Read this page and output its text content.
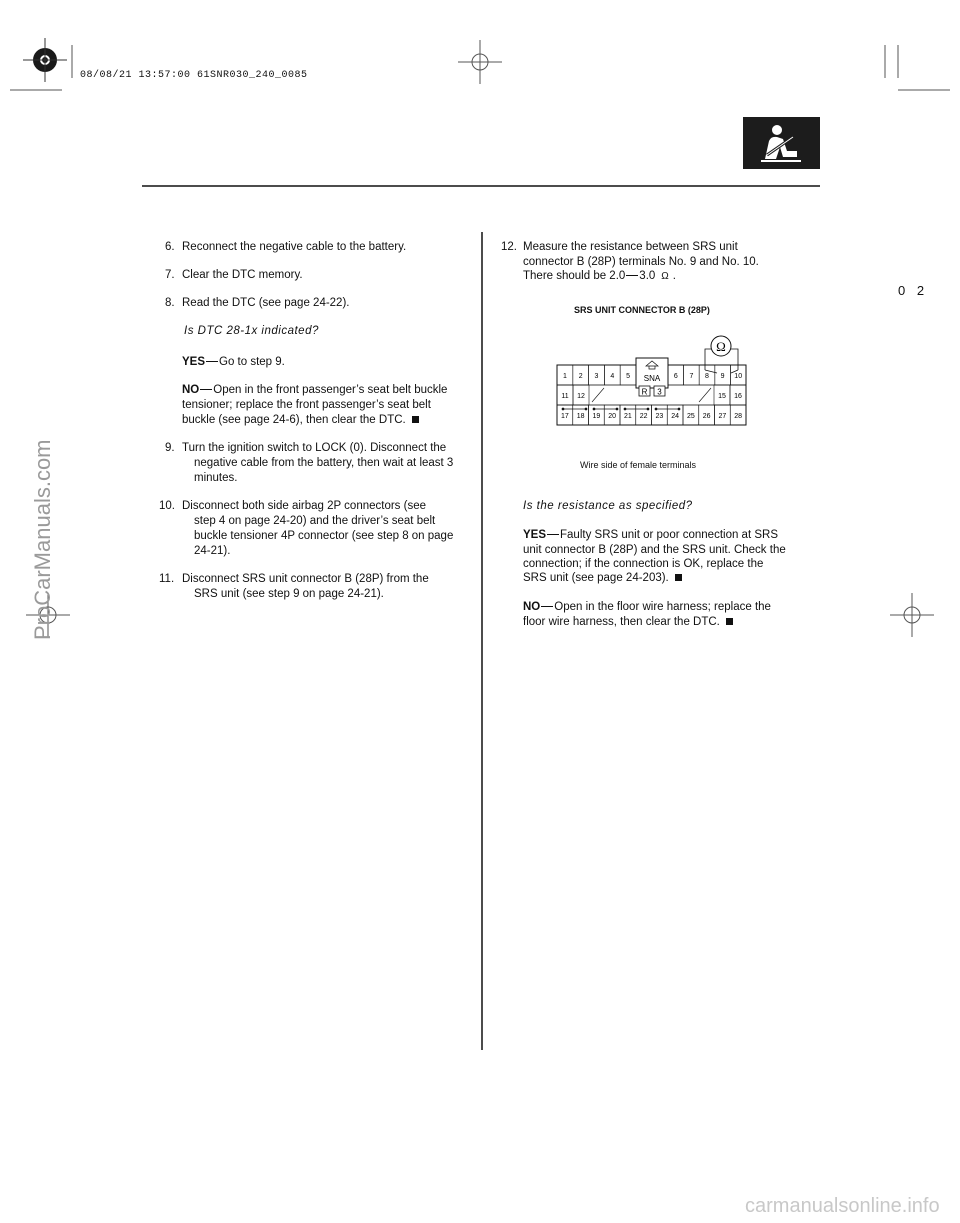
08/08/21 13:57:00 61SNR030_240_0085
0 2
6. Reconnect the negative cable to the battery.
7. Clear the DTC memory.
8. Read the DTC (see page 24-22).
Is DTC 28-1x indicated?
YES Go to step 9.
NO Open in the front passenger’s seat belt buckle
tensioner; replace the front passenger’s seat belt
buckle (see page 24-6), then clear the DTC.
9. Turn the ignition switch to LOCK (0). Disconnect the
negative cable from the battery, then wait at least 3
minutes.
10. Disconnect both side airbag 2P connectors (see
step 4 on page 24-20) and the driver’s seat belt
buckle tensioner 4P connector (see step 8 on page
24-21).
11. Disconnect SRS unit connector B (28P) from the
SRS unit (see step 9 on page 24-21).
12. Measure the resistance between SRS unit
connector B (28P) terminals No. 9 and No. 10.
There should be 2.0 3.0 Ω .
SRS UNIT CONNECTOR B (28P)
Ω
SNA
R 3
1 2 3 4 5	6 7 8 9 10
11 12	15 16
17 18 19 20 21 22 23 24 25 26 27 28
Wire side of female terminals
Is the resistance as specified?
YES Faulty SRS unit or poor connection at SRS
unit connector B (28P) and the SRS unit. Check the
connection; if the connection is OK, replace the
SRS unit (see page 24-203).
NO Open in the floor wire harness; replace the
floor wire harness, then clear the DTC.
ProCarManuals.com
carmanualsonline.info
